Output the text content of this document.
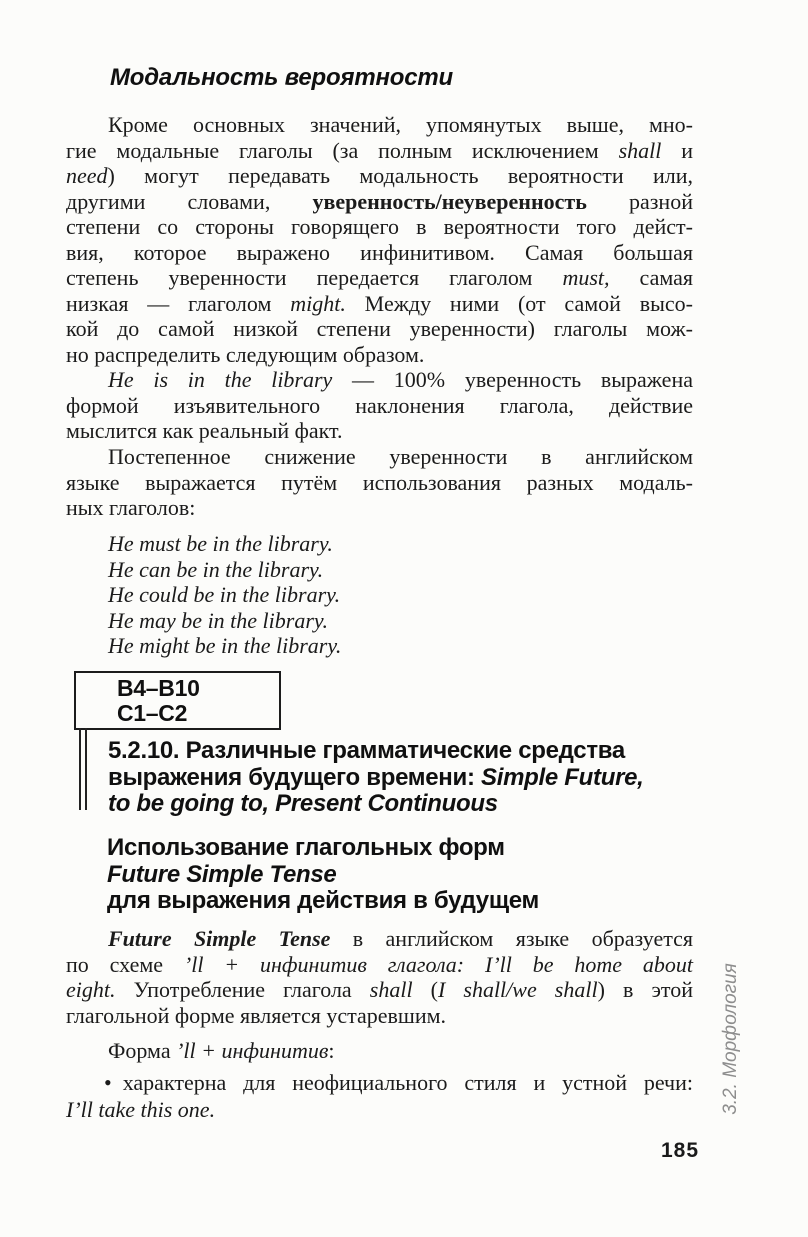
Модальность вероятности
Кроме основных значений, упомянутых выше, мно-
гие модальные глаголы (за полным исключением shall и
need) могут передавать модальность вероятности или,
другими словами, уверенность/неуверенность разной
степени со стороны говорящего в вероятности того дейст-
вия, которое выражено инфинитивом. Самая большая
степень уверенности передается глаголом must, самая
низкая — глаголом might. Между ними (от самой высо-
кой до самой низкой степени уверенности) глаголы мож-
но распределить следующим образом.
He is in the library — 100% уверенность выражена
формой изъявительного наклонения глагола, действие
мыслится как реальный факт.
Постепенное снижение уверенности в английском
языке выражается путём использования разных модаль-
ных глаголов:
He must be in the library.
He can be in the library.
He could be in the library.
He may be in the library.
He might be in the library.
В4–В10
С1–С2
5.2.10. Различные грамматические средства
выражения будущего времени: Simple Future,
to be going to, Present Continuous
Использование глагольных форм
Future Simple Tense
для выражения действия в будущем
Future Simple Tense в английском языке образуется
по схеме ’ll + инфинитив глагола: I’ll be home about
eight. Употребление глагола shall (I shall/we shall) в этой
глагольной форме является устаревшим.
Форма ’ll + инфинитив:
• характерна для неофициального стиля и устной речи:
I’ll take this one.
185
3.2. Морфология
